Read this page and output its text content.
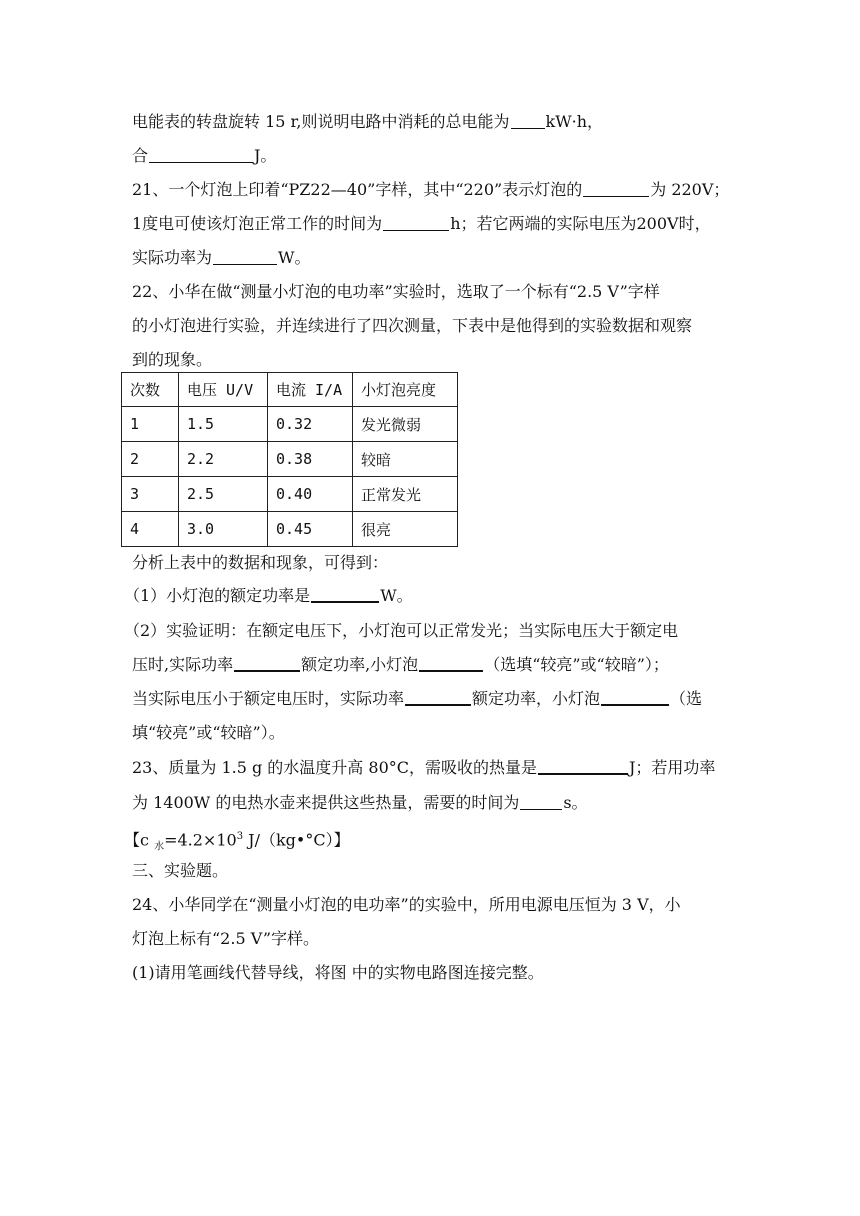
电能表的转盘旋转 15 r,则说明电路中消耗的总电能为 kW·h，
合	J。
21、一个灯泡上印着“PZ22—40”字样，其中“220”表示灯泡的	为 220V；
1度电可使该灯泡正常工作的时间为	h；若它两端的实际电压为200V时，
实际功率为	W。
22、小华在做“测量小灯泡的电功率”实验时，选取了一个标有“2.5 V”字样
的小灯泡进行实验，并连续进行了四次测量，下表中是他得到的实验数据和观察
到的现象。
次数	电压 U/V	电流 I/A	小灯泡亮度
1	1.5	0.32	发光微弱
2	2.2	0.38	较暗
3	2.5	0.40	正常发光
4	3.0	0.45	很亮
分析上表中的数据和现象，可得到：
（1）小灯泡的额定功率是	W。
（2）实验证明：在额定电压下，小灯泡可以正常发光；当实际电压大于额定电
压时,实际功率	额定功率,小灯泡	（选填“较亮”或“较暗”）；
当实际电压小于额定电压时，实际功率	额定功率，小灯泡	（选
填“较亮”或“较暗”）。
23、质量为 1.5 g 的水温度升高 80°C，需吸收的热量是	J；若用功率
为 1400W 的电热水壶来提供这些热量，需要的时间为	s。
【c $_水=4.2\times 10^3$ J/（kg•°C）】
三、实验题。
24、小华同学在“测量小灯泡的电功率”的实验中，所用电源电压恒为 3 V，小
灯泡上标有“2.5 V”字样。
(1)请用笔画线代替导线，将图 中的实物电路图连接完整。
